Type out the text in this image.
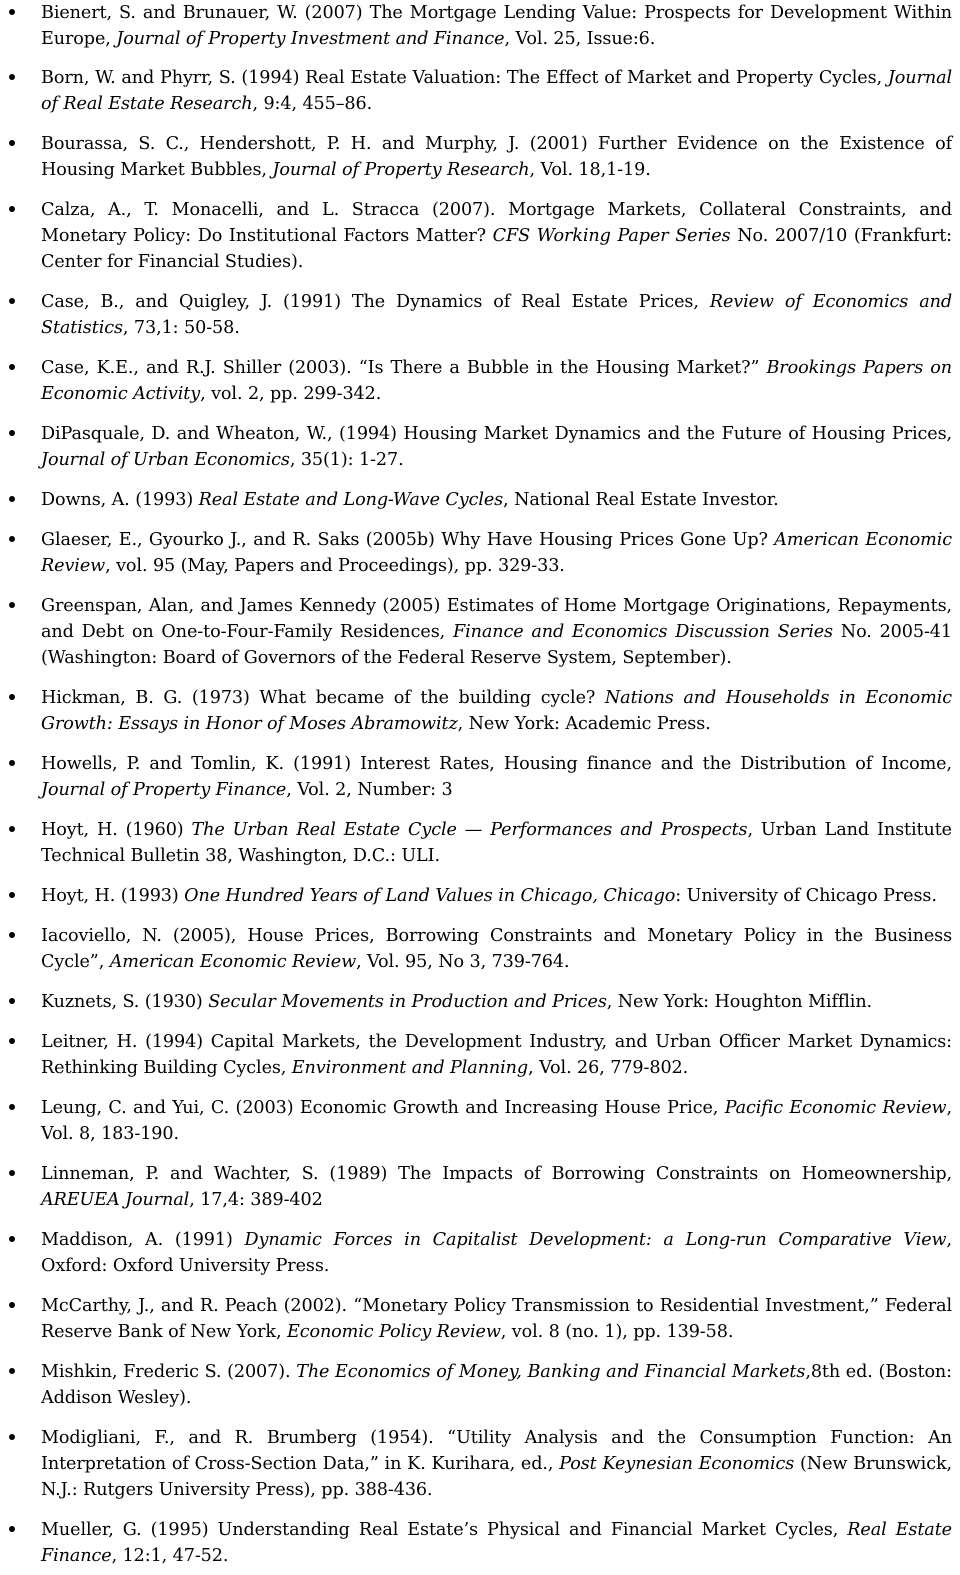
Bienert, S. and Brunauer, W. (2007) The Mortgage Lending Value: Prospects for Development Within Europe, Journal of Property Investment and Finance, Vol. 25, Issue:6.
Born, W. and Phyrr, S. (1994) Real Estate Valuation: The Effect of Market and Property Cycles, Journal of Real Estate Research, 9:4, 455–86.
Bourassa, S. C., Hendershott, P. H. and Murphy, J. (2001) Further Evidence on the Existence of Housing Market Bubbles, Journal of Property Research, Vol. 18,1-19.
Calza, A., T. Monacelli, and L. Stracca (2007). Mortgage Markets, Collateral Constraints, and Monetary Policy: Do Institutional Factors Matter? CFS Working Paper Series No. 2007/10 (Frankfurt: Center for Financial Studies).
Case, B., and Quigley, J. (1991) The Dynamics of Real Estate Prices, Review of Economics and Statistics, 73,1: 50-58.
Case, K.E., and R.J. Shiller (2003). “Is There a Bubble in the Housing Market?” Brookings Papers on Economic Activity, vol. 2, pp. 299-342.
DiPasquale, D. and Wheaton, W., (1994) Housing Market Dynamics and the Future of Housing Prices, Journal of Urban Economics, 35(1): 1-27.
Downs, A. (1993) Real Estate and Long-Wave Cycles, National Real Estate Investor.
Glaeser, E., Gyourko J., and R. Saks (2005b) Why Have Housing Prices Gone Up? American Economic Review, vol. 95 (May, Papers and Proceedings), pp. 329-33.
Greenspan, Alan, and James Kennedy (2005) Estimates of Home Mortgage Originations, Repayments, and Debt on One-to-Four-Family Residences, Finance and Economics Discussion Series No. 2005-41 (Washington: Board of Governors of the Federal Reserve System, September).
Hickman, B. G. (1973) What became of the building cycle? Nations and Households in Economic Growth: Essays in Honor of Moses Abramowitz, New York: Academic Press.
Howells, P. and Tomlin, K. (1991) Interest Rates, Housing finance and the Distribution of Income, Journal of Property Finance, Vol. 2, Number: 3
Hoyt, H. (1960) The Urban Real Estate Cycle — Performances and Prospects, Urban Land Institute Technical Bulletin 38, Washington, D.C.: ULI.
Hoyt, H. (1993) One Hundred Years of Land Values in Chicago, Chicago: University of Chicago Press.
Iacoviello, N. (2005), House Prices, Borrowing Constraints and Monetary Policy in the Business Cycle”, American Economic Review, Vol. 95, No 3, 739-764.
Kuznets, S. (1930) Secular Movements in Production and Prices, New York: Houghton Mifflin.
Leitner, H. (1994) Capital Markets, the Development Industry, and Urban Officer Market Dynamics: Rethinking Building Cycles, Environment and Planning, Vol. 26, 779-802.
Leung, C. and Yui, C. (2003) Economic Growth and Increasing House Price, Pacific Economic Review, Vol. 8, 183-190.
Linneman, P. and Wachter, S. (1989) The Impacts of Borrowing Constraints on Homeownership, AREUEA Journal, 17,4: 389-402
Maddison, A. (1991) Dynamic Forces in Capitalist Development: a Long-run Comparative View, Oxford: Oxford University Press.
McCarthy, J., and R. Peach (2002). “Monetary Policy Transmission to Residential Investment,” Federal Reserve Bank of New York, Economic Policy Review, vol. 8 (no. 1), pp. 139-58.
Mishkin, Frederic S. (2007). The Economics of Money, Banking and Financial Markets,8th ed. (Boston: Addison Wesley).
Modigliani, F., and R. Brumberg (1954). “Utility Analysis and the Consumption Function: An Interpretation of Cross-Section Data,” in K. Kurihara, ed., Post Keynesian Economics (New Brunswick, N.J.: Rutgers University Press), pp. 388-436.
Mueller, G. (1995) Understanding Real Estate’s Physical and Financial Market Cycles, Real Estate Finance, 12:1, 47-52.
